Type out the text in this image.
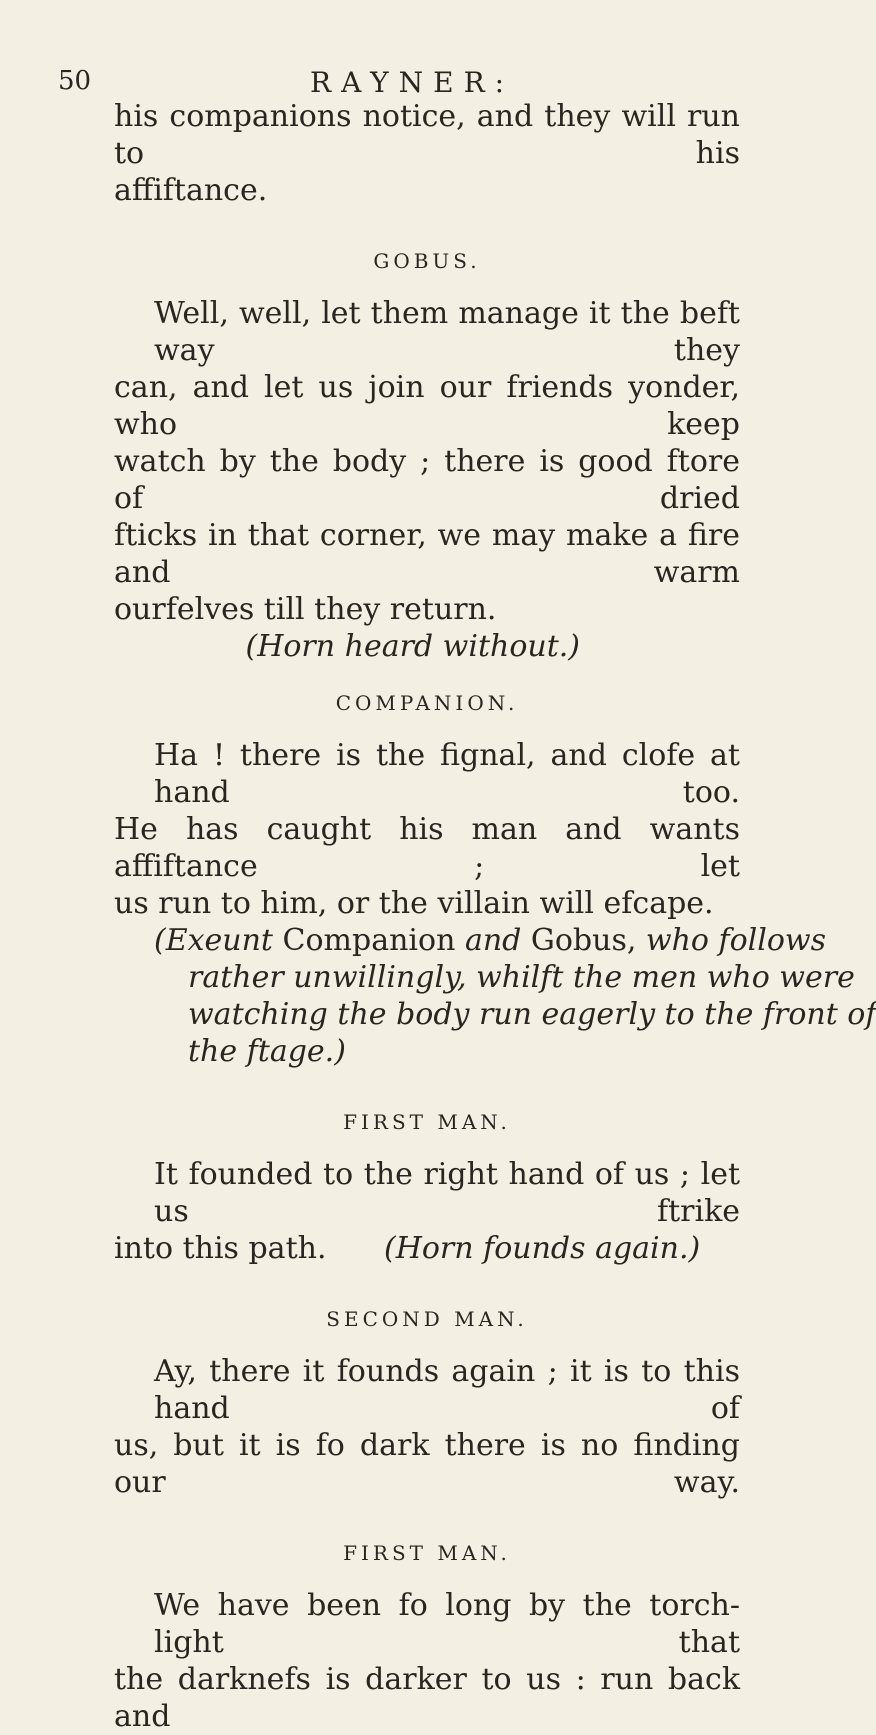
50	RAYNER:

his companions notice, and they will run to his

affiftance.

GOBUS.

Well, well, let them manage it the beft way they

can, and let us join our friends yonder, who keep

watch by the body ; there is good ftore of dried

fticks in that corner, we may make a fire and warm

ourfelves till they return.

(Horn heard without.)

COMPANION.

Ha ! there is the fignal, and clofe at hand too.

He has caught his man and wants affiftance ; let

us run to him, or the villain will efcape.

(Exeunt Companion and Gobus, who follows

rather unwillingly, whilft the men who were

watching the body run eagerly to the front of

the ftage.)

FIRST MAN.

It founded to the right hand of us ; let us ftrike

into this path. (Horn founds again.)

SECOND MAN.

Ay, there it founds again ; it is to this hand of

us, but it is fo dark there is no finding our way.

FIRST MAN.

We have been fo long by the torch-light that

the darknefs is darker to us : run back and
